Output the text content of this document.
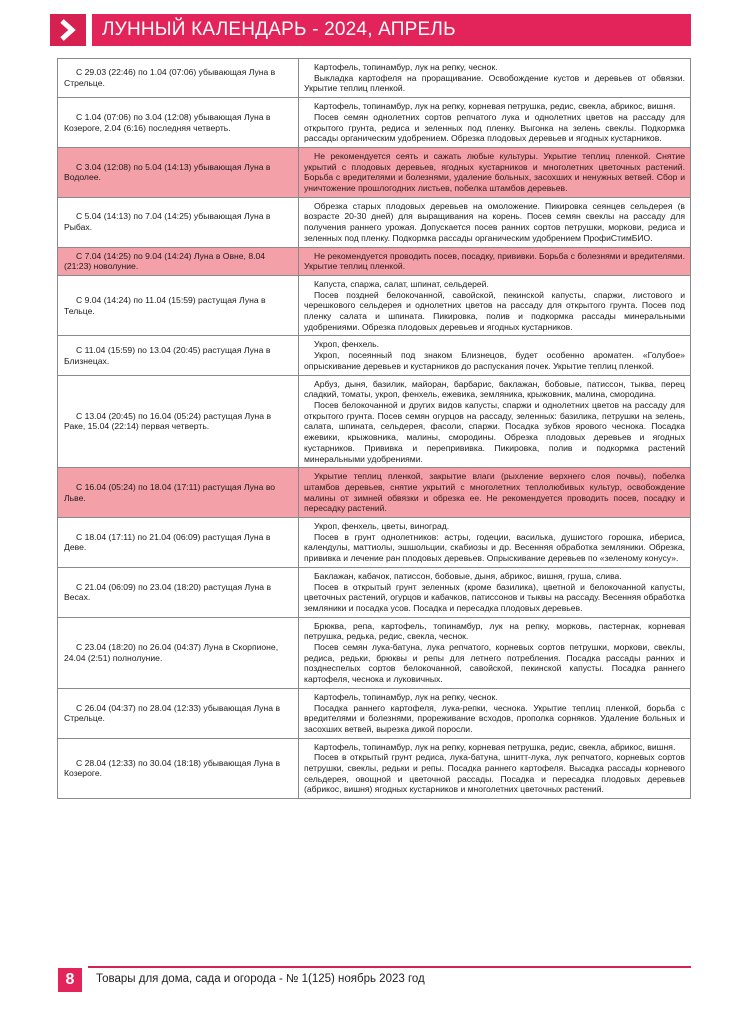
ЛУННЫЙ КАЛЕНДАРЬ - 2024, АПРЕЛЬ
С 29.03 (22:46) по 1.04 (07:06) убывающая Луна в Стрельце.	Картофель, топинамбур, лук на репку, чеснок.

Выкладка картофеля на проращивание. Освобождение кустов и деревьев от обвязки. Укрытие теплиц пленкой.

С 1.04 (07:06) по 3.04 (12:08) убывающая Луна в Козероге, 2.04 (6:16) последняя четверть.	Картофель, топинамбур, лук на репку, корневая петрушка, редис, свекла, абрикос, вишня.

Посев семян однолетних сортов репчатого лука и однолетних цветов на рассаду для открытого грунта, редиса и зеленных под пленку. Выгонка на зелень свеклы. Подкормка рассады органическим удобрением. Обрезка плодовых деревьев и ягодных кустарников.

С 3.04 (12:08) по 5.04 (14:13) убывающая Луна в Водолее.	Не рекомендуется сеять и сажать любые культуры. Укрытие теплиц пленкой. Снятие укрытий с плодовых деревьев, ягодных кустарников и многолетних цветочных растений. Борьба с вредителями и болезнями, удаление больных, засохших и ненужных ветвей. Сбор и уничтожение прошлогодних листьев, побелка штамбов деревьев.

С 5.04 (14:13) по 7.04 (14:25) убывающая Луна в Рыбах.	Обрезка старых плодовых деревьев на омоложение. Пикировка сеянцев сельдерея (в возрасте 20-30 дней) для выращивания на корень. Посев семян свеклы на рассаду для получения раннего урожая. Допускается посев ранних сортов петрушки, моркови, редиса и зеленных под пленку. Подкормка рассады органическим удобрением ПрофиСтимБИО.

С 7.04 (14:25) по 9.04 (14:24) Луна в Овне, 8.04 (21:23) новолуние.	Не рекомендуется проводить посев, посадку, прививки. Борьба с болезнями и вредителями. Укрытие теплиц пленкой.

С 9.04 (14:24) по 11.04 (15:59) растущая Луна в Тельце.	Капуста, спаржа, салат, шпинат, сельдерей.

Посев поздней белокочанной, савойской, пекинской капусты, спаржи, листового и черешкового сельдерея и однолетних цветов на рассаду для открытого грунта. Посев под пленку салата и шпината. Пикировка, полив и подкормка рассады минеральными удобрениями. Обрезка плодовых деревьев и ягодных кустарников.

С 11.04 (15:59) по 13.04 (20:45) растущая Луна в Близнецах.	Укроп, фенхель.

Укроп, посеянный под знаком Близнецов, будет особенно ароматен. «Голубое» опрыскивание деревьев и кустарников до распускания почек. Укрытие теплиц пленкой.

С 13.04 (20:45) по 16.04 (05:24) растущая Луна в Раке, 15.04 (22:14) первая четверть.	Арбуз, дыня, базилик, майоран, барбарис, баклажан, бобовые, патиссон, тыква, перец сладкий, томаты, укроп, фенхель, ежевика, земляника, крыжовник, малина, смородина.

Посев белокочанной и других видов капусты, спаржи и однолетних цветов на рассаду для открытого грунта. Посев семян огурцов на рассаду, зеленных: базилика, петрушки на зелень, салата, шпината, сельдерея, фасоли, спаржи. Посадка зубков ярового чеснока. Посадка ежевики, крыжовника, малины, смородины. Обрезка плодовых деревьев и ягодных кустарников. Прививка и перепрививка. Пикировка, полив и подкормка растений минеральными удобрениями.

С 16.04 (05:24) по 18.04 (17:11) растущая Луна во Льве.	Укрытие теплиц пленкой, закрытие влаги (рыхление верхнего слоя почвы), побелка штамбов деревьев, снятие укрытий с многолетних теплолюбивых культур, освобождение малины от зимней обвязки и обрезка ее. Не рекомендуется проводить посев, посадку и пересадку растений.

С 18.04 (17:11) по 21.04 (06:09) растущая Луна в Деве.	Укроп, фенхель, цветы, виноград.

Посев в грунт однолетников: астры, годеции, василька, душистого горошка, иберисa, календулы, маттиолы, эшшольции, скабиозы и др. Весенняя обработка земляники. Обрезка, прививка и лечение ран плодовых деревьев. Опрыскивание деревьев по «зеленому конусу».

С 21.04 (06:09) по 23.04 (18:20) растущая Луна в Весах.	Баклажан, кабачок, патиссон, бобовые, дыня, абрикос, вишня, груша, слива.

Посев в открытый грунт зеленных (кроме базилика), цветной и белокочанной капусты, цветочных растений, огурцов и кабачков, патиссонов и тыквы на рассаду. Весенняя обработка земляники и посадка усов. Посадка и пересадка плодовых деревьев.

С 23.04 (18:20) по 26.04 (04:37) Луна в Скорпионе, 24.04 (2:51) полнолуние.	Брюква, репа, картофель, топинамбур, лук на репку, морковь, пастернак, корневая петрушка, редька, редис, свекла, чеснок.

Посев семян лука-батуна, лука репчатого, корневых сортов петрушки, моркови, свеклы, редиса, редьки, брюквы и репы для летнего потребления. Посадка рассады ранних и позднеспелых сортов белокочанной, савойской, пекинской капусты. Посадка раннего картофеля, чеснока и луковичных.

С 26.04 (04:37) по 28.04 (12:33) убывающая Луна в Стрельце.	Картофель, топинамбур, лук на репку, чеснок.

Посадка раннего картофеля, лука-репки, чеснока. Укрытие теплиц пленкой, борьба с вредителями и болезнями, прореживание всходов, прополка сорняков. Удаление больных и засохших ветвей, вырезка дикой поросли.

С 28.04 (12:33) по 30.04 (18:18) убывающая Луна в Козероге.	Картофель, топинамбур, лук на репку, корневая петрушка, редис, свекла, абрикос, вишня.

Посев в открытый грунт редиса, лука-батуна, шнитт-лука, лук репчатого, корневых сортов петрушки, свеклы, редьки и репы. Посадка раннего картофеля. Высадка рассады корневого сельдерея, овощной и цветочной рассады. Посадка и пересадка плодовых деревьев (абрикос, вишня) ягодных кустарников и многолетних цветочных растений.

8	Товары для дома, сада и огорода - № 1(125) ноябрь 2023 год
